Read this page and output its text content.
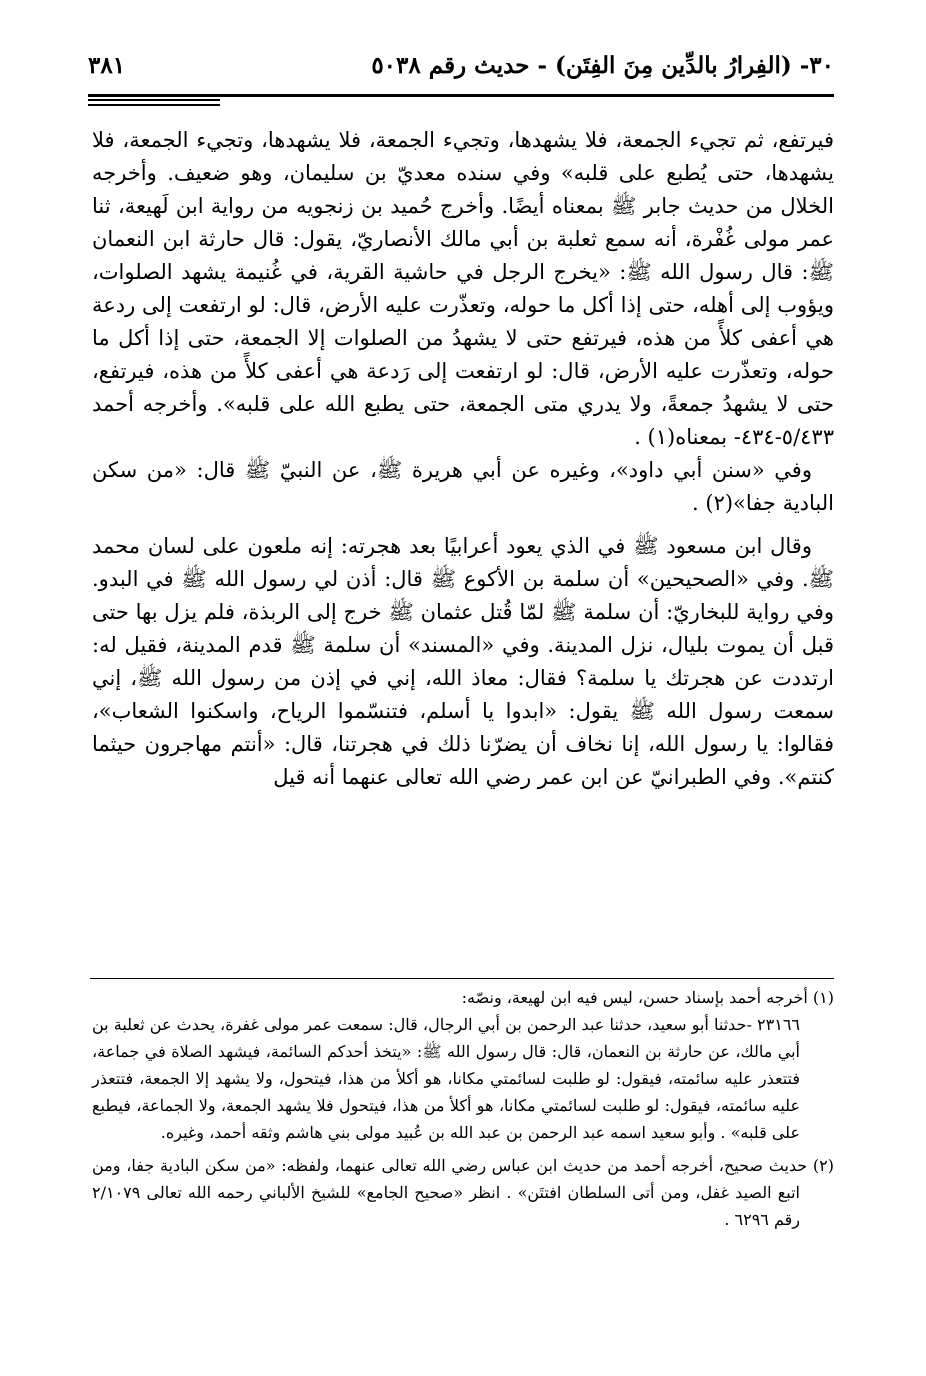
٣٠- (الفِرارُ بالدِّين مِنَ الفِتَن) - حديث رقم ٥٠٣٨
٣٨١

فيرتفع، ثم تجيء الجمعة، فلا يشهدها، وتجيء الجمعة، فلا يشهدها، وتجيء الجمعة، فلا يشهدها، حتى يُطبع على قلبه» وفي سنده معديّ بن سليمان، وهو ضعيف. وأخرجه الخلال من حديث جابر ﷺ بمعناه أيضًا. وأخرج حُميد بن زنجويه من رواية ابن لَهيعة، ثنا عمر مولى غُفْرة، أنه سمع ثعلبة بن أبي مالك الأنصاريّ، يقول: قال حارثة ابن النعمان ﷺ: قال رسول الله ﷺ: «يخرج الرجل في حاشية القرية، في غُنيمة يشهد الصلوات، ويؤوب إلى أهله، حتى إذا أكل ما حوله، وتعذّرت عليه الأرض، قال: لو ارتفعت إلى ردعة هي أعفى كلأً من هذه، فيرتفع حتى لا يشهدُ من الصلوات إلا الجمعة، حتى إذا أكل ما حوله، وتعذّرت عليه الأرض، قال: لو ارتفعت إلى رَدعة هي أعفى كلأً من هذه، فيرتفع، حتى لا يشهدُ جمعةً، ولا يدري متى الجمعة، حتى يطبع الله على قلبه». وأخرجه أحمد ٥/٤٣٣-٤٣٤- بمعناه(١) .

وفي «سنن أبي داود»، وغيره عن أبي هريرة ﷺ، عن النبيّ ﷺ قال: «من سكن البادية جفا»(٢) .

وقال ابن مسعود ﷺ في الذي يعود أعرابيًا بعد هجرته: إنه ملعون على لسان محمد ﷺ. وفي «الصحيحين» أن سلمة بن الأكوع ﷺ قال: أذن لي رسول الله ﷺ في البدو. وفي رواية للبخاريّ: أن سلمة ﷺ لمّا قُتل عثمان ﷺ خرج إلى الربذة، فلم يزل بها حتى قبل أن يموت بليال، نزل المدينة. وفي «المسند» أن سلمة ﷺ قدم المدينة، فقيل له: ارتددت عن هجرتك يا سلمة؟ فقال: معاذ الله، إني في إذن من رسول الله ﷺ، إني سمعت رسول الله ﷺ يقول: «ابدوا يا أسلم، فتنسّموا الرياح، واسكنوا الشعاب»، فقالوا: يا رسول الله، إنا نخاف أن يضرّنا ذلك في هجرتنا، قال: «أنتم مهاجرون حيثما كنتم». وفي الطبرانيّ عن ابن عمر رضي الله تعالى عنهما أنه قيل

(١) أخرجه أحمد بإسناد حسن، ليس فيه ابن لهيعة، ونصّه:

٢٣١٦٦ -حدثنا أبو سعيد، حدثنا عبد الرحمن بن أبي الرجال، قال: سمعت عمر مولى غفرة، يحدث عن ثعلبة بن أبي مالك، عن حارثة بن النعمان، قال: قال رسول الله ﷺ: «يتخذ أحدكم السائمة، فيشهد الصلاة في جماعة، فتتعذر عليه سائمته، فيقول: لو طلبت لسائمتي مكانا، هو أكلأ من هذا، فيتحول، ولا يشهد إلا الجمعة، فتتعذر عليه سائمته، فيقول: لو طلبت لسائمتي مكانا، هو أكلأ من هذا، فيتحول فلا يشهد الجمعة، ولا الجماعة، فيطبع على قلبه» . وأبو سعيد اسمه عبد الرحمن بن عبد الله بن عُبيد مولى بني هاشم وثقه أحمد، وغيره.

(٢) حديث صحيح، أخرجه أحمد من حديث ابن عباس رضي الله تعالى عنهما، ولفظه: «من سكن البادية جفا، ومن اتبع الصيد غفل، ومن أتى السلطان افتتَن» . انظر «صحيح الجامع» للشيخ الألباني رحمه الله تعالى ٢/١٠٧٩ رقم ٦٢٩٦ .
